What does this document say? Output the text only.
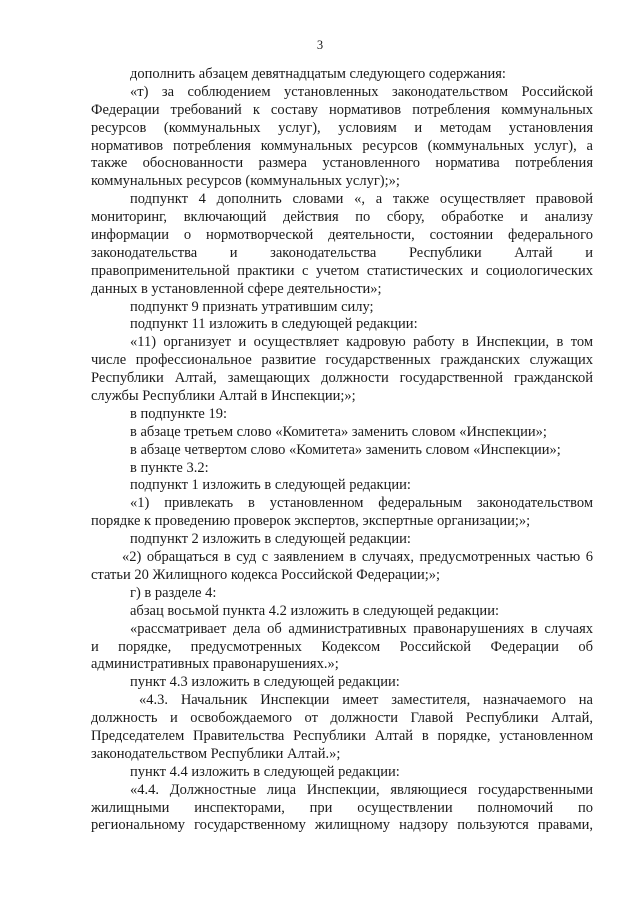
3
дополнить абзацем девятнадцатым следующего содержания:
«т) за соблюдением установленных законодательством Российской
Федерации требований к составу нормативов потребления коммунальных
ресурсов (коммунальных услуг), условиям и методам установления
нормативов потребления коммунальных ресурсов (коммунальных услуг), а
также обоснованности размера установленного норматива потребления
коммунальных ресурсов (коммунальных услуг);»;
подпункт 4 дополнить словами «, а также осуществляет правовой
мониторинг, включающий действия по сбору, обработке и анализу
информации о нормотворческой деятельности, состоянии федерального
законодательства и законодательства Республики Алтай и
правоприменительной практики с учетом статистических и социологических
данных в установленной сфере деятельности»;
подпункт 9 признать утратившим силу;
подпункт 11 изложить в следующей редакции:
«11) организует и осуществляет кадровую работу в Инспекции, в том
числе профессиональное развитие государственных гражданских служащих
Республики Алтай, замещающих должности государственной гражданской
службы Республики Алтай в Инспекции;»;
в подпункте 19:
в абзаце третьем слово «Комитета» заменить словом «Инспекции»;
в абзаце четвертом слово «Комитета» заменить словом «Инспекции»;
в пункте 3.2:
подпункт 1 изложить в следующей редакции:
«1) привлекать в установленном федеральным законодательством
порядке к проведению проверок экспертов, экспертные организации;»;
подпункт 2 изложить в следующей редакции:
«2) обращаться в суд с заявлением в случаях, предусмотренных частью 6
статьи 20 Жилищного кодекса Российской Федерации;»;
г) в разделе 4:
абзац восьмой пункта 4.2 изложить в следующей редакции:
«рассматривает дела об административных правонарушениях в случаях
и порядке, предусмотренных Кодексом Российской Федерации об
административных правонарушениях.»;
пункт 4.3 изложить в следующей редакции:
«4.3. Начальник Инспекции имеет заместителя, назначаемого на
должность и освобождаемого от должности Главой Республики Алтай,
Председателем Правительства Республики Алтай в порядке, установленном
законодательством Республики Алтай.»;
пункт 4.4 изложить в следующей редакции:
«4.4. Должностные лица Инспекции, являющиеся государственными
жилищными инспекторами, при осуществлении полномочий по
региональному государственному жилищному надзору пользуются правами,
